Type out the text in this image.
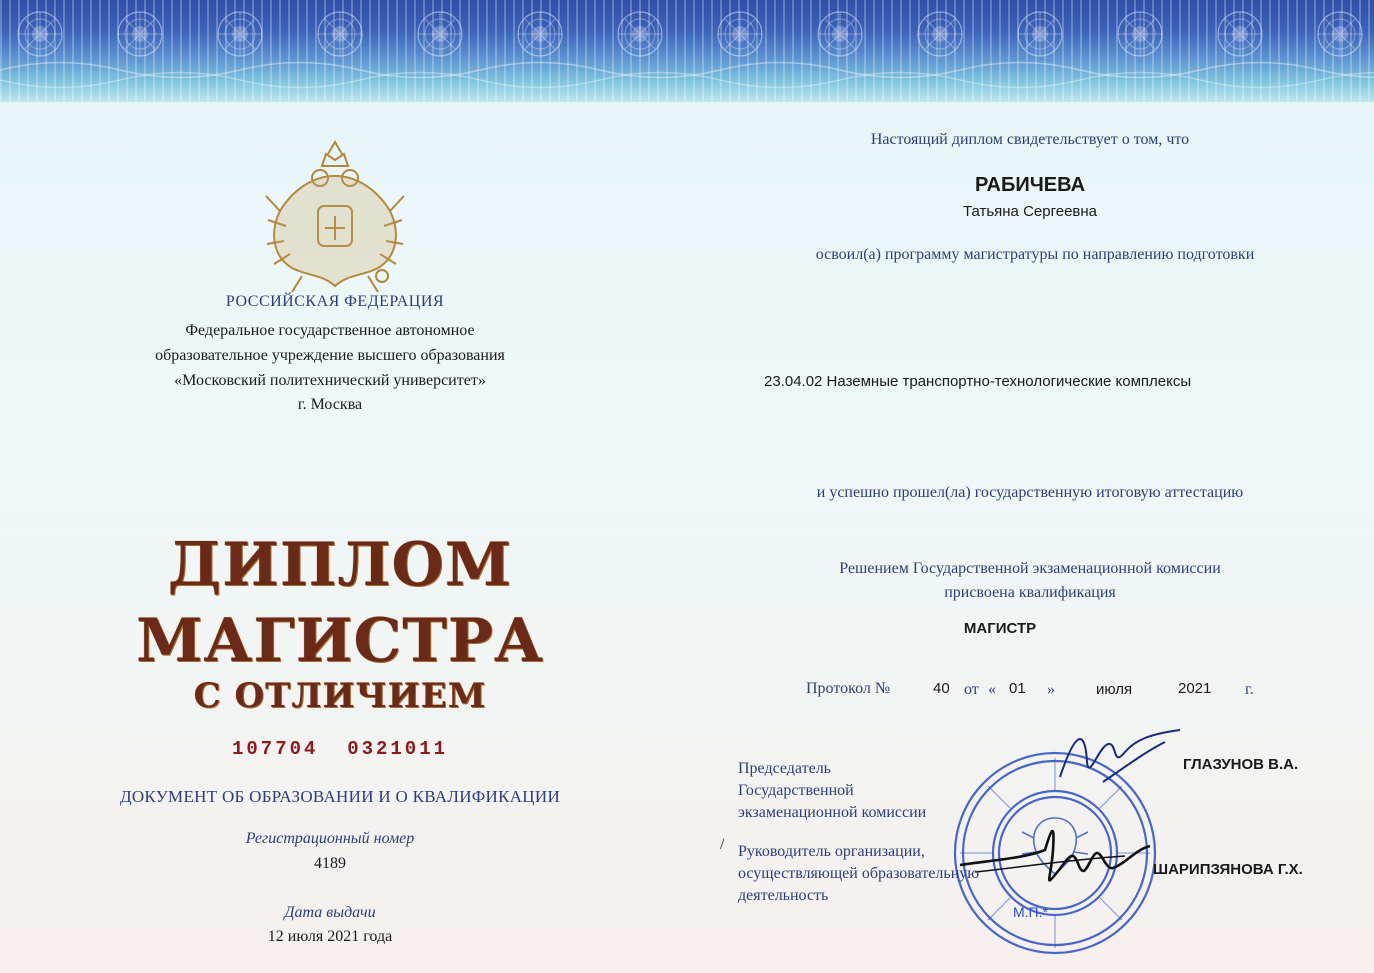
РОССИЙСКАЯ ФЕДЕРАЦИЯ
Федеральное государственное автономное
образовательное учреждение высшего образования
«Московский политехнический университет»
г. Москва
ДИПЛОМ
МАГИСТРА
С ОТЛИЧИЕМ
107704  0321011
ДОКУМЕНТ ОБ ОБРАЗОВАНИИ И О КВАЛИФИКАЦИИ
Регистрационный номер
4189
Дата выдачи
12 июля 2021 года
Настоящий диплом свидетельствует о том, что
РАБИЧЕВА
Татьяна Сергеевна
освоил(а) программу магистратуры по направлению подготовки
23.04.02 Наземные транспортно-технологические комплексы
и успешно прошел(ла) государственную итоговую аттестацию
Решением Государственной экзаменационной комиссии
присвоена квалификация
МАГИСТР
Протокол №	40 от « 01 »	июля	2021 г.
М.П.*
Председатель
Государственной
экзаменационной комиссии
ГЛАЗУНОВ В.А.
/ Руководитель организации,
осуществляющей образовательную
деятельность
ШАРИПЗЯНОВА Г.Х.
